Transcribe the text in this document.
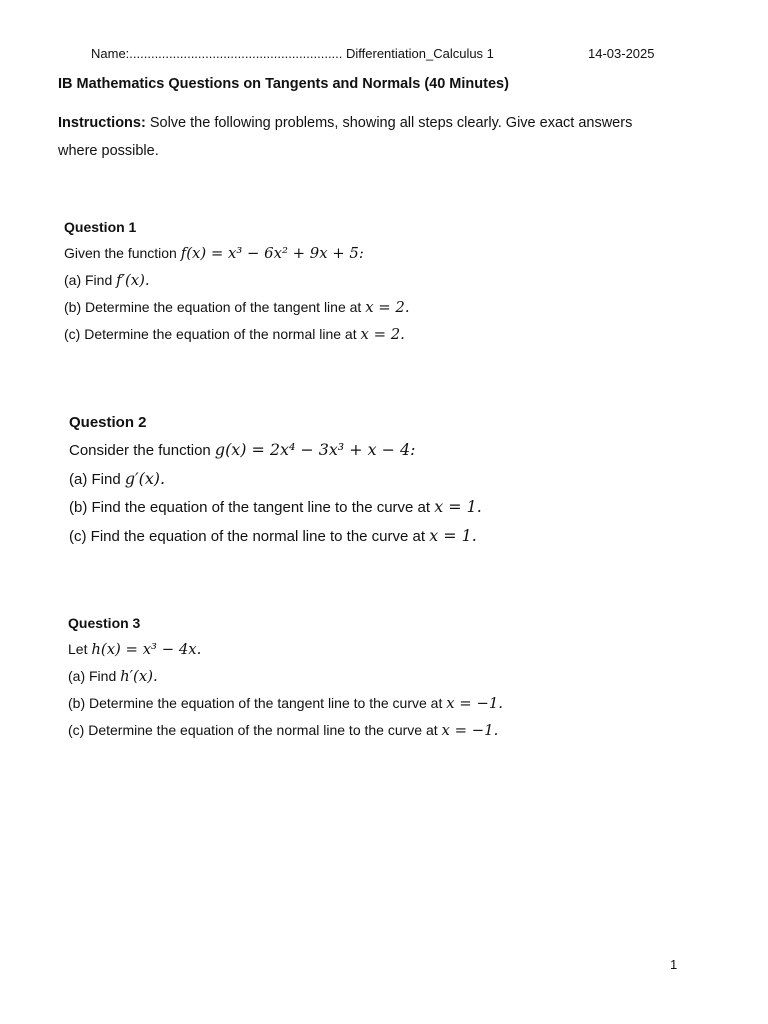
Name:........................................................... Differentiation_Calculus 1	14-03-2025
IB Mathematics Questions on Tangents and Normals (40 Minutes)
Instructions: Solve the following problems, showing all steps clearly. Give exact answers where possible.
Question 1
Given the function f(x) = x³ − 6x² + 9x + 5:
(a) Find f′(x).
(b) Determine the equation of the tangent line at x = 2.
(c) Determine the equation of the normal line at x = 2.
Question 2
Consider the function g(x) = 2x⁴ − 3x³ + x − 4:
(a) Find g′(x).
(b) Find the equation of the tangent line to the curve at x = 1.
(c) Find the equation of the normal line to the curve at x = 1.
Question 3
Let h(x) = x³ − 4x.
(a) Find h′(x).
(b) Determine the equation of the tangent line to the curve at x = −1.
(c) Determine the equation of the normal line to the curve at x = −1.
1
